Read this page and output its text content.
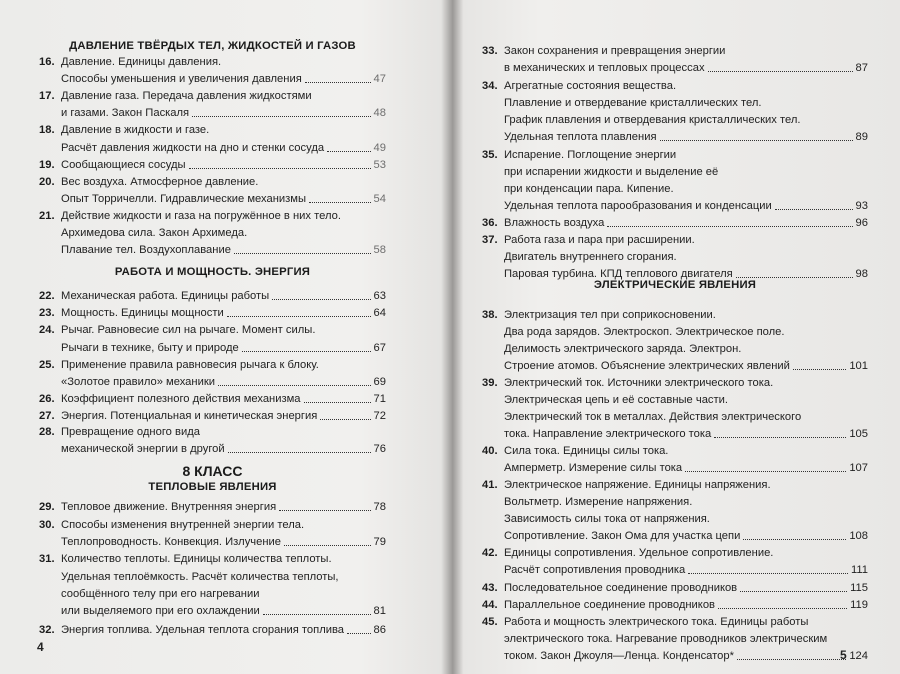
ДАВЛЕНИЕ ТВЁРДЫХ ТЕЛ, ЖИДКОСТЕЙ И ГАЗОВ
РАБОТА И МОЩНОСТЬ. ЭНЕРГИЯ
8 КЛАСС
ТЕПЛОВЫЕ ЯВЛЕНИЯ
16. Давление. Единицы давления.
Способы уменьшения и увеличения давления	47
17. Давление газа. Передача давления жидкостями
и газами. Закон Паскаля	48
18. Давление в жидкости и газе.
Расчёт давления жидкости на дно и стенки сосуда	49
19. Сообщающиеся сосуды	53
20. Вес воздуха. Атмосферное давление.
Опыт Торричелли. Гидравлические механизмы	54
21. Действие жидкости и газа на погружённое в них тело.
Архимедова сила. Закон Архимеда.
Плавание тел. Воздухоплавание	58
22. Механическая работа. Единицы работы	63
23. Мощность. Единицы мощности	64
24. Рычаг. Равновесие сил на рычаге. Момент силы.
Рычаги в технике, быту и природе	67
25. Применение правила равновесия рычага к блоку.
«Золотое правило» механики	69
26. Коэффициент полезного действия механизма	71
27. Энергия. Потенциальная и кинетическая энергия	72
28. Превращение одного вида
механической энергии в другой	76
29. Тепловое движение. Внутренняя энергия	78
30. Способы изменения внутренней энергии тела.
Теплопроводность. Конвекция. Излучение	79
31. Количество теплоты. Единицы количества теплоты.
Удельная теплоёмкость. Расчёт количества теплоты,
сообщённого телу при его нагревании
или выделяемого при его охлаждении	81
32. Энергия топлива. Удельная теплота сгорания топлива	86
4
ЭЛЕКТРИЧЕСКИЕ ЯВЛЕНИЯ
33. Закон сохранения и превращения энергии
в механических и тепловых процессах	87
34. Агрегатные состояния вещества.
Плавление и отвердевание кристаллических тел.
График плавления и отвердевания кристаллических тел.
Удельная теплота плавления	89
35. Испарение. Поглощение энергии
при испарении жидкости и выделение её
при конденсации пара. Кипение.
Удельная теплота парообразования и конденсации	93
36. Влажность воздуха	96
37. Работа газа и пара при расширении.
Двигатель внутреннего сгорания.
Паровая турбина. КПД теплового двигателя	98
38. Электризация тел при соприкосновении.
Два рода зарядов. Электроскоп. Электрическое поле.
Делимость электрического заряда. Электрон.
Строение атомов. Объяснение электрических явлений	101
39. Электрический ток. Источники электрического тока.
Электрическая цепь и её составные части.
Электрический ток в металлах. Действия электрического
тока. Направление электрического тока	105
40. Сила тока. Единицы силы тока.
Амперметр. Измерение силы тока	107
41. Электрическое напряжение. Единицы напряжения.
Вольтметр. Измерение напряжения.
Зависимость силы тока от напряжения.
Сопротивление. Закон Ома для участка цепи	108
42. Единицы сопротивления. Удельное сопротивление.
Расчёт сопротивления проводника	111
43. Последовательное соединение проводников	115
44. Параллельное соединение проводников	119
45. Работа и мощность электрического тока. Единицы работы
электрического тока. Нагревание проводников электрическим
током. Закон Джоуля—Ленца. Конденсатор*	124
5
